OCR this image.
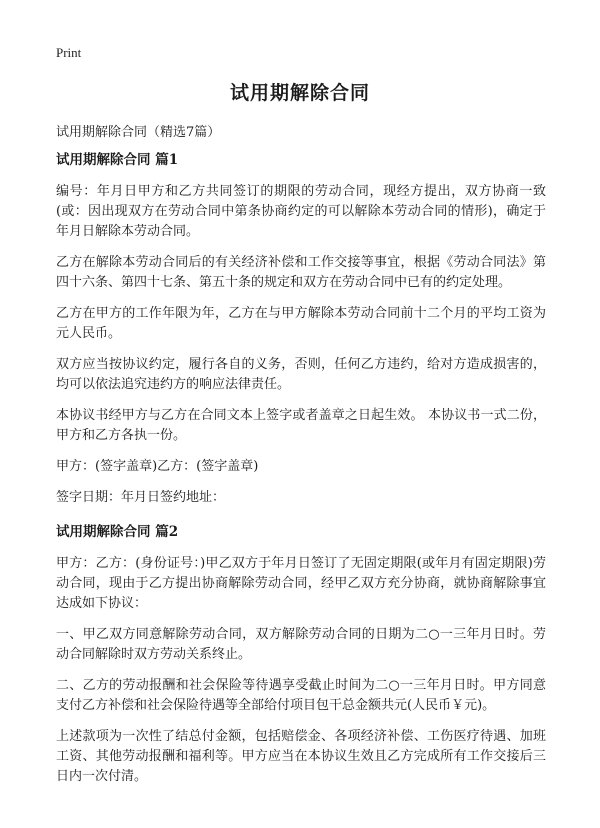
Print
试用期解除合同

试用期解除合同（精选7篇）

试用期解除合同 篇1

编号：年月日甲方和乙方共同签订的期限的劳动合同，现经方提出，双方协商一致(或：因出现双方在劳动合同中第条协商约定的可以解除本劳动合同的情形)，确定于年月日解除本劳动合同。

乙方在解除本劳动合同后的有关经济补偿和工作交接等事宜，根据《劳动合同法》第四十六条、第四十七条、第五十条的规定和双方在劳动合同中已有的约定处理。

乙方在甲方的工作年限为年，乙方在与甲方解除本劳动合同前十二个月的平均工资为元人民币。

双方应当按协议约定，履行各自的义务，否则，任何乙方违约，给对方造成损害的，均可以依法追究违约方的响应法律责任。

本协议书经甲方与乙方在合同文本上签字或者盖章之日起生效。 本协议书一式二份，甲方和乙方各执一份。

甲方：(签字盖章)乙方：(签字盖章)

签字日期：年月日签约地址：

试用期解除合同 篇2

甲方：乙方：(身份证号：)甲乙双方于年月日签订了无固定期限(或年月有固定期限)劳动合同，现由于乙方提出协商解除劳动合同，经甲乙双方充分协商，就协商解除事宜达成如下协议：

一、甲乙双方同意解除劳动合同，双方解除劳动合同的日期为二○一三年月日时。劳动合同解除时双方劳动关系终止。

二、乙方的劳动报酬和社会保险等待遇享受截止时间为二○一三年月日时。甲方同意支付乙方补偿和社会保险待遇等全部给付项目包干总金额共元(人民币￥元)。

上述款项为一次性了结总付金额，包括赔偿金、各项经济补偿、工伤医疗待遇、加班工资、其他劳动报酬和福利等。甲方应当在本协议生效且乙方完成所有工作交接后三日内一次付清。
